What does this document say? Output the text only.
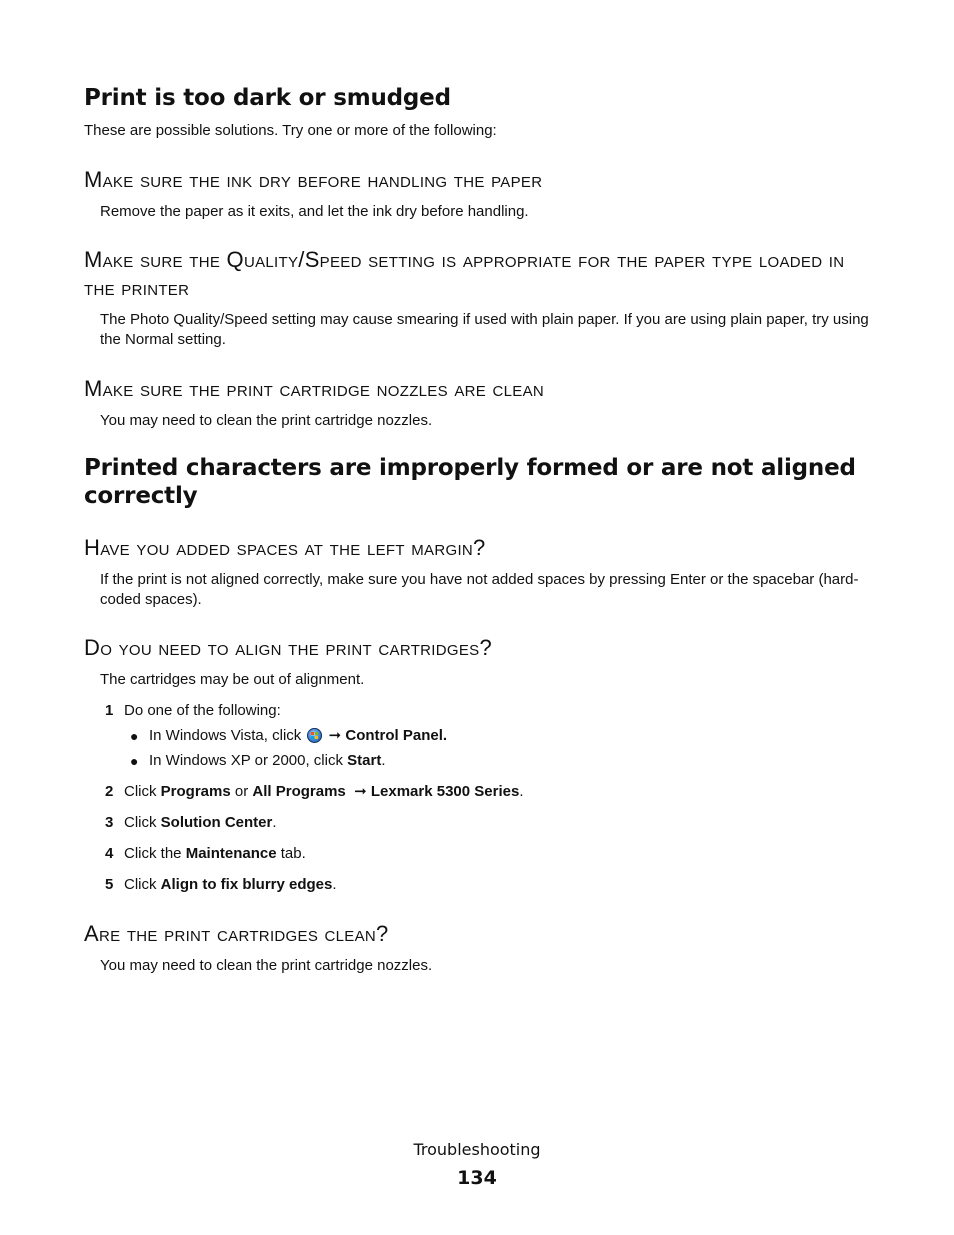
Print is too dark or smudged

These are possible solutions. Try one or more of the following:

Make sure the ink dry before handling the paper

Remove the paper as it exits, and let the ink dry before handling.

Make sure the Quality/Speed setting is appropriate for the paper type loaded in the printer

The Photo Quality/Speed setting may cause smearing if used with plain paper. If you are using plain paper, try using the Normal setting.

Make sure the print cartridge nozzles are clean

You may need to clean the print cartridge nozzles.

Printed characters are improperly formed or are not aligned correctly
Have you added spaces at the left margin?

If the print is not aligned correctly, make sure you have not added spaces by pressing Enter or the spacebar (hard-coded spaces).

Do you need to align the print cartridges?

The cartridges may be out of alignment.

1 Do one of the following:
● In Windows Vista, click ➞ Control Panel.
● In Windows XP or 2000, click Start.
2 Click Programs or All Programs ➞ Lexmark 5300 Series.
3 Click Solution Center.
4 Click the Maintenance tab.
5 Click Align to fix blurry edges.
Are the print cartridges clean?

You may need to clean the print cartridge nozzles.

Troubleshooting
134
